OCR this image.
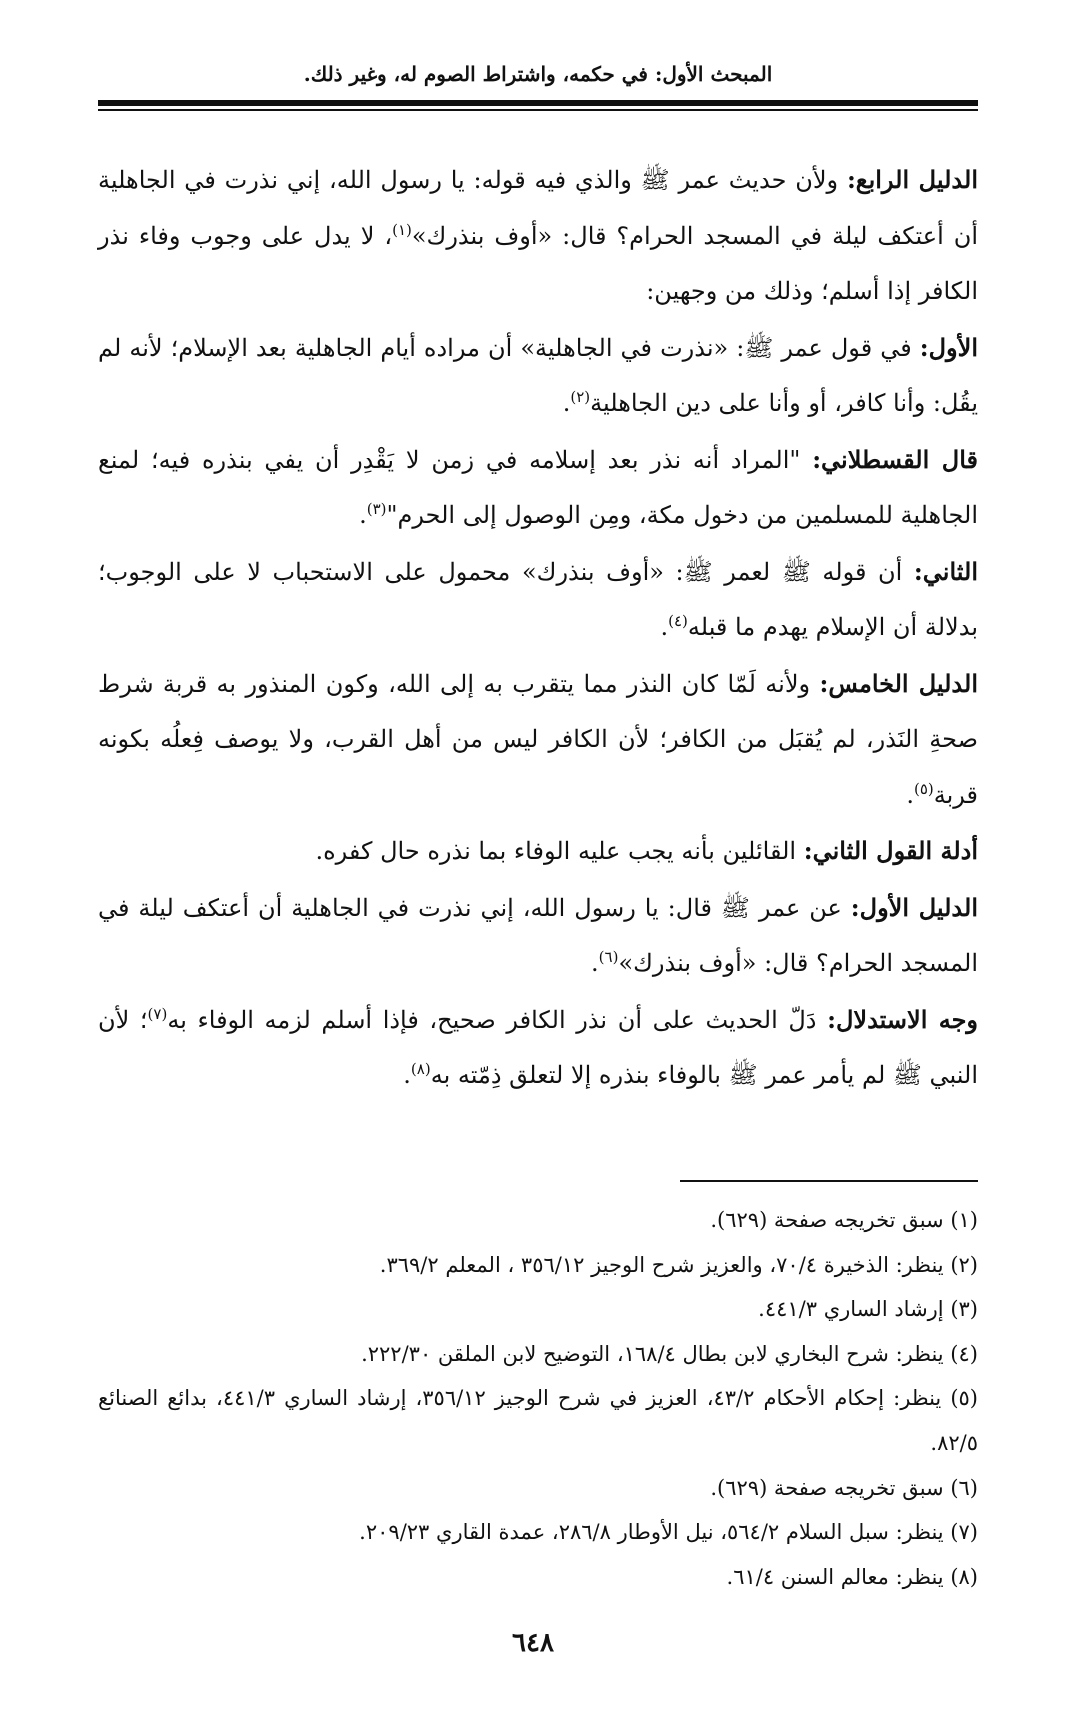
المبحث الأول: في حكمه، واشتراط الصوم له، وغير ذلك.

الدليل الرابع: ولأن حديث عمر ﷺ والذي فيه قوله: يا رسول الله، إني نذرت في الجاهلية أن أعتكف ليلة في المسجد الحرام؟ قال: «أوف بنذرك»$^{(١)}$، لا يدل على وجوب وفاء نذر الكافر إذا أسلم؛ وذلك من وجهين:

الأول: في قول عمر ﷺ: «نذرت في الجاهلية» أن مراده أيام الجاهلية بعد الإسلام؛ لأنه لم يقُل: وأنا كافر، أو وأنا على دين الجاهلية$^{(٢)}$.

قال القسطلاني: "المراد أنه نذر بعد إسلامه في زمن لا يَقْدِر أن يفي بنذره فيه؛ لمنع الجاهلية للمسلمين من دخول مكة، ومِن الوصول إلى الحرم"$^{(٣)}$.

الثاني: أن قوله ﷺ لعمر ﷺ: «أوف بنذرك» محمول على الاستحباب لا على الوجوب؛ بدلالة أن الإسلام يهدم ما قبله$^{(٤)}$.

الدليل الخامس: ولأنه لَمّا كان النذر مما يتقرب به إلى الله، وكون المنذور به قربة شرط صحةِ النَذر، لم يُقبَل من الكافر؛ لأن الكافر ليس من أهل القرب، ولا يوصف فِعلُه بكونه قربة$^{(٥)}$.

أدلة القول الثاني: القائلين بأنه يجب عليه الوفاء بما نذره حال كفره.

الدليل الأول: عن عمر ﷺ قال: يا رسول الله، إني نذرت في الجاهلية أن أعتكف ليلة في المسجد الحرام؟ قال: «أوف بنذرك»$^{(٦)}$.

وجه الاستدلال: دَلّ الحديث على أن نذر الكافر صحيح، فإذا أسلم لزمه الوفاء به$^{(٧)}$؛ لأن النبي ﷺ لم يأمر عمر ﷺ بالوفاء بنذره إلا لتعلق ذِمّته به$^{(٨)}$.

(١) سبق تخريجه صفحة (٦٢٩).

(٢) ينظر: الذخيرة ٧٠/٤، والعزيز شرح الوجيز ٣٥٦/١٢ ، المعلم ٣٦٩/٢.

(٣) إرشاد الساري ٤٤١/٣.

(٤) ينظر: شرح البخاري لابن بطال ١٦٨/٤، التوضيح لابن الملقن ٢٢٢/٣٠.

(٥) ينظر: إحكام الأحكام ٤٣/٢، العزيز في شرح الوجيز ٣٥٦/١٢، إرشاد الساري ٤٤١/٣، بدائع الصنائع ٨٢/٥.

(٦) سبق تخريجه صفحة (٦٢٩).

(٧) ينظر: سبل السلام ٥٦٤/٢، نيل الأوطار ٢٨٦/٨، عمدة القاري ٢٠٩/٢٣.

(٨) ينظر: معالم السنن ٦١/٤.

٦٤٨
